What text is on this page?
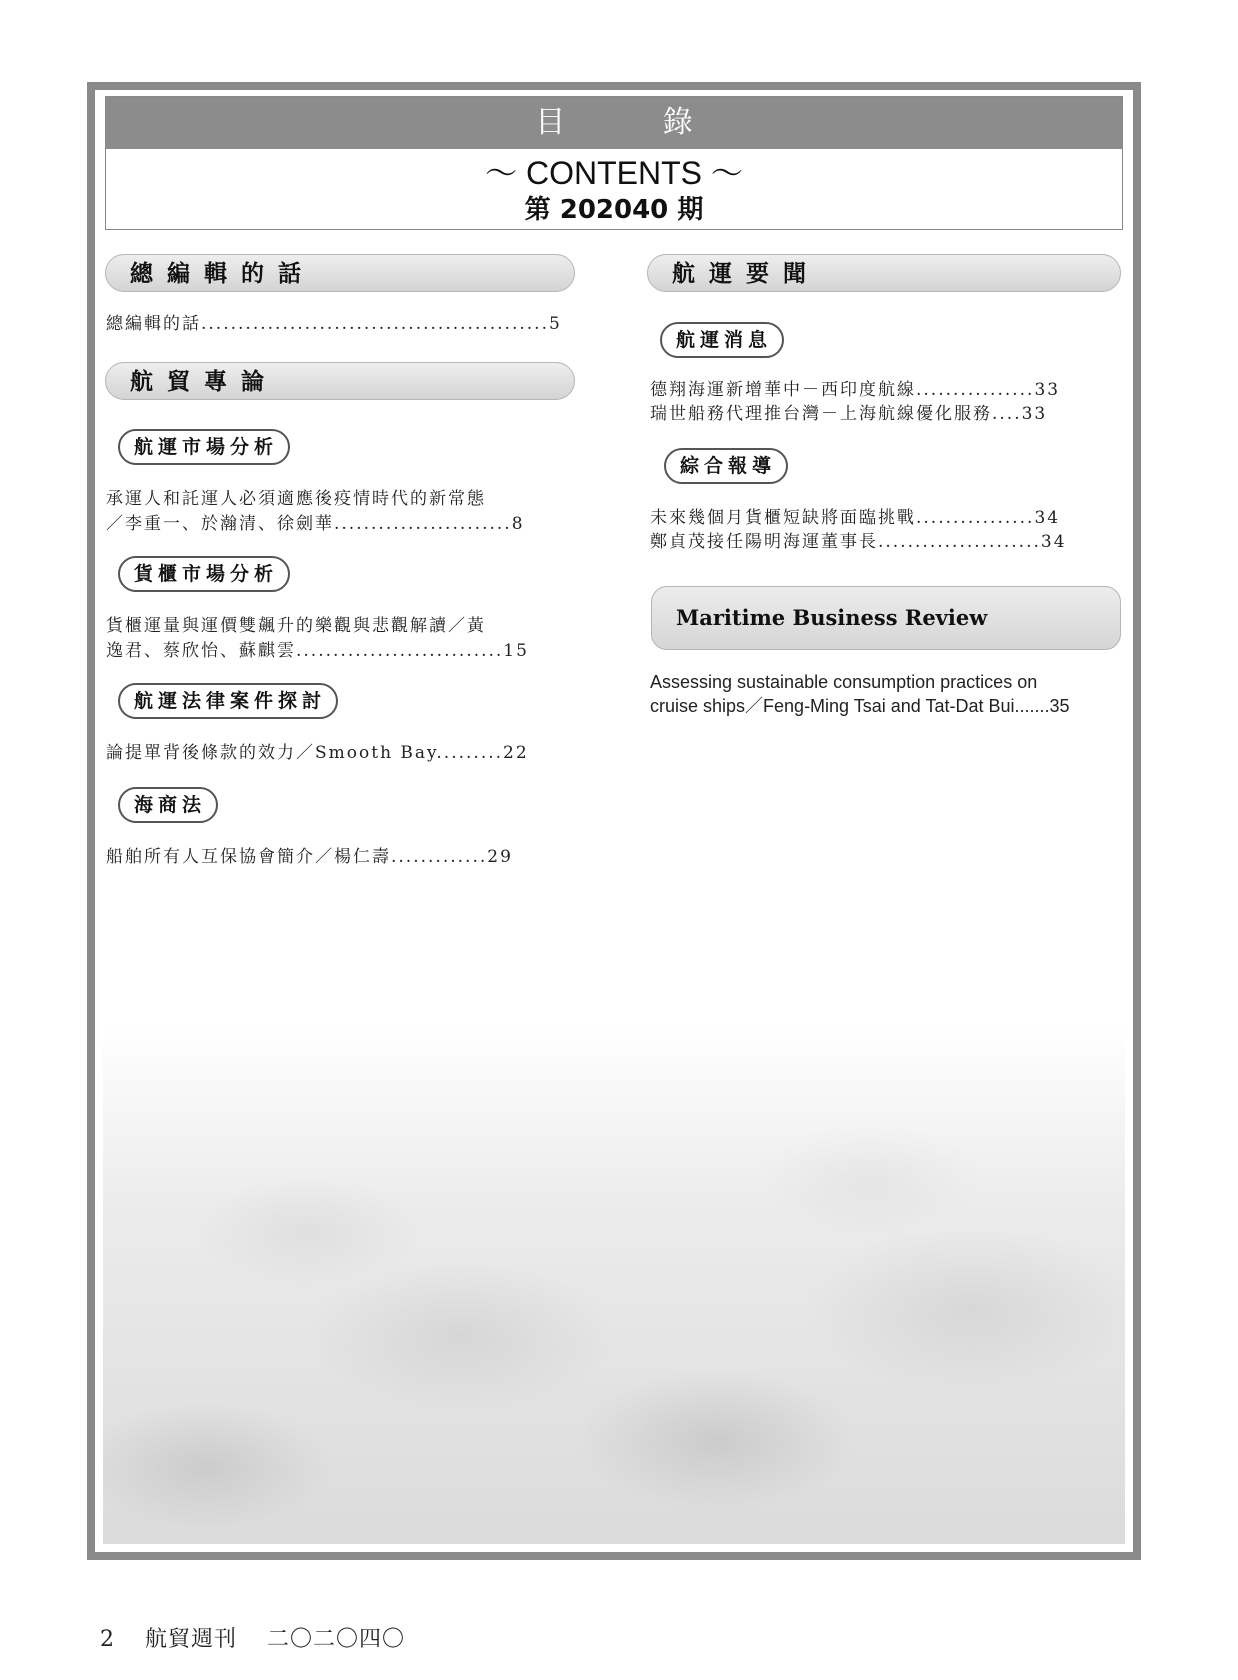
目 錄
～ CONTENTS ～
第 202040 期
總編輯的話
總編輯的話...............................................5
航貿專論
航運市場分析
承運人和託運人必須適應後疫情時代的新常態
／李重一、於瀚清、徐劍華........................8
貨櫃市場分析
貨櫃運量與運價雙飆升的樂觀與悲觀解讀／黃
逸君、蔡欣怡、蘇麒雲............................15
航運法律案件探討
論提單背後條款的效力／Smooth Bay.........22
海商法
船舶所有人互保協會簡介／楊仁壽.............29
航運要聞
航運消息
德翔海運新增華中－西印度航線................33
瑞世船務代理推台灣－上海航線優化服務....33
綜合報導
未來幾個月貨櫃短缺將面臨挑戰................34
鄭貞茂接任陽明海運董事長......................34
Maritime Business Review
Assessing sustainable consumption practices on
cruise ships／Feng-Ming Tsai and Tat-Dat Bui.......35
2 航貿週刊 二〇二〇四〇
